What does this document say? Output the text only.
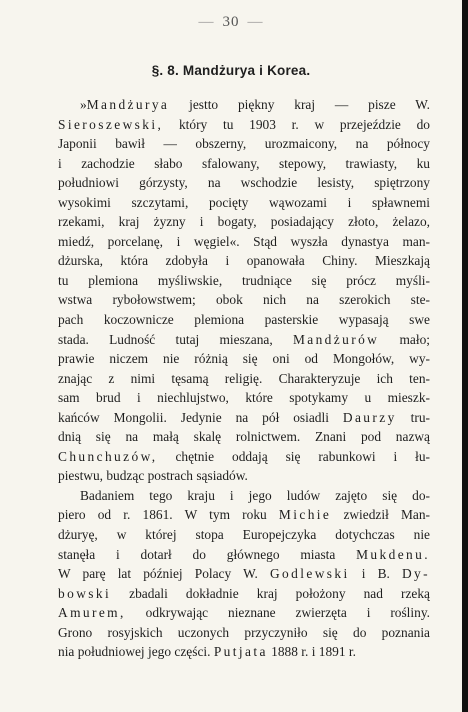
— 30 —
§. 8. Mandżurya i Korea.
»Mandżurya jestto piękny kraj — pisze W.
Sieroszewski, który tu 1903 r. w przejeździe do
Japonii bawił — obszerny, urozmaicony, na północy
i zachodzie słabo sfalowany, stepowy, trawiasty, ku
południowi górzysty, na wschodzie lesisty, spiętrzony
wysokimi szczytami, pocięty wąwozami i spławnemi
rzekami, kraj żyzny i bogaty, posiadający złoto, żelazo,
miedź, porcelanę, i węgiel«. Stąd wyszła dynastya man-
dżurska, która zdobyła i opanowała Chiny. Mieszkają
tu plemiona myśliwskie, trudniące się prócz myśli-
wstwa rybołowstwem; obok nich na szerokich ste-
pach koczownicze plemiona pasterskie wypasają swe
stada. Ludność tutaj mieszana, Mandżurów mało;
prawie niczem nie różnią się oni od Mongołów, wy-
znając z nimi tęsamą religię. Charakteryzuje ich ten-
sam brud i niechlujstwo, które spotykamy u mieszk-
kańców Mongolii. Jedynie na pół osiadli Daurzy tru-
dnią się na małą skalę rolnictwem. Znani pod nazwą
Chunchuzów, chętnie oddają się rabunkowi i łu-
piestwu, budząc postrach sąsiadów.
Badaniem tego kraju i jego ludów zajęto się do-
piero od r. 1861. W tym roku Michie zwiedził Man-
dżuryę, w której stopa Europejczyka dotychczas nie
stanęła i dotarł do głównego miasta Mukdenu.
W parę lat później Polacy W. Godlewski i B. Dy-
bowski zbadali dokładnie kraj położony nad rzeką
Amurem, odkrywając nieznane zwierzęta i rośliny.
Grono rosyjskich uczonych przyczyniło się do poznania
nia południowej jego części. Putjata 1888 r. i 1891 r.
